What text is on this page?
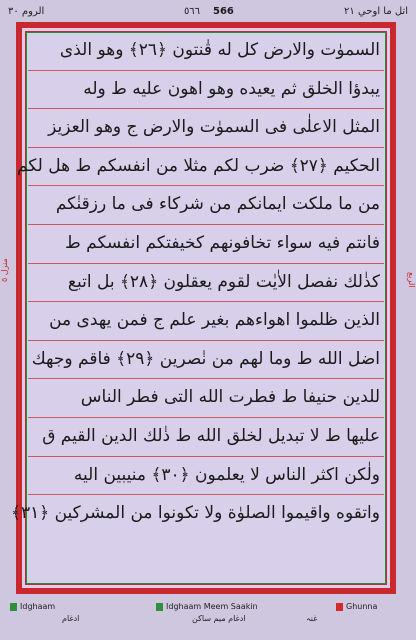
الروم ٣٠	566
٥٦٦	اتل ما اوحي ٢١
منزل ٥
الربع
السموٰت والارض كل له قٰنتون ﴿٢٦﴾ وهو الذى
يبدؤا الخلق ثم يعيده وهو اهون عليه ط وله
المثل الاعلٰى فى السموٰت والارض ج وهو العزيز
الحكيم ﴿٢٧﴾ ضرب لكم مثلا من انفسكم ط هل لكم
من ما ملكت ايمانكم من شركاء فى ما رزقنٰكم
فانتم فيه سواء تخافونهم كخيفتكم انفسكم ط
كذٰلك نفصل الاٰيٰت لقوم يعقلون ﴿٢٨﴾ بل اتبع
الذين ظلموا اهواءهم بغير علم ج فمن يهدى من
اضل الله ط وما لهم من نٰصرين ﴿٢٩﴾ فاقم وجهك
للدين حنيفا ط فطرت الله التى فطر الناس
عليها ط لا تبديل لخلق الله ط ذٰلك الدين القيم ق
ولٰكن اكثر الناس لا يعلمون ﴿٣٠﴾ منيبين اليه
واتقوه واقيموا الصلوٰة ولا تكونوا من المشركين ﴿٣١﴾
Idghaam
ادغام
Idghaam Meem Saakin
ادغام میم ساکن
Ghunna
غنہ
